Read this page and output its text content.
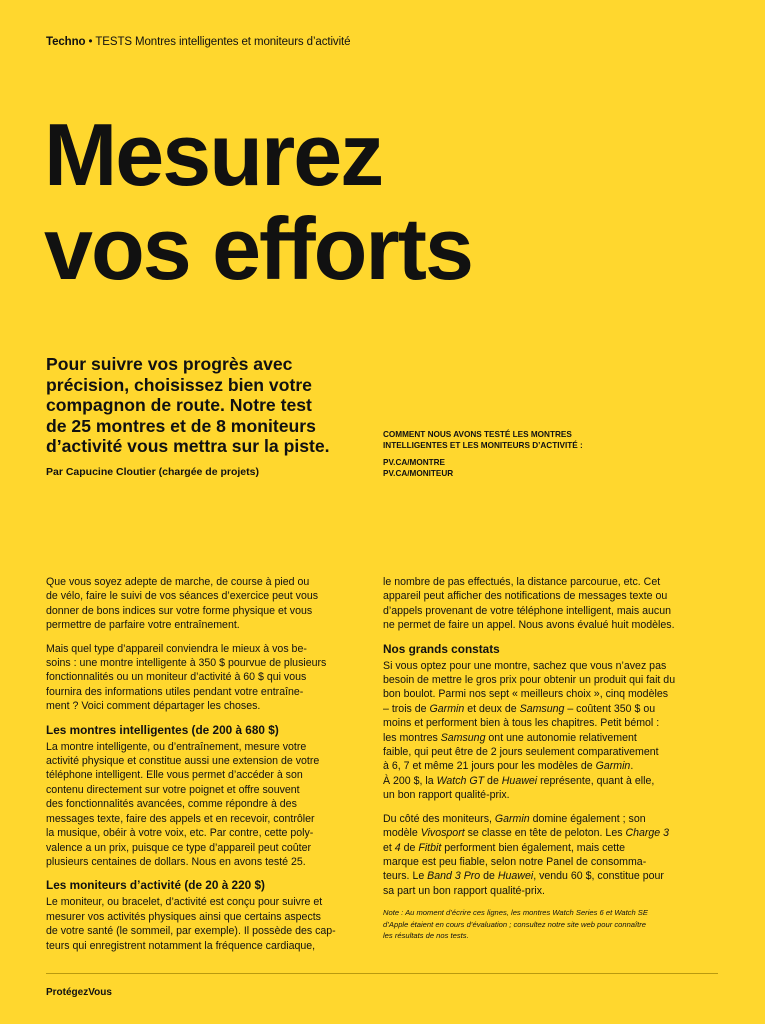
Techno • TESTS Montres intelligentes et moniteurs d’activité
Mesurez
vos efforts
Pour suivre vos progrès avec
précision, choisissez bien votre
compagnon de route. Notre test
de 25 montres et de 8 moniteurs
d’activité vous mettra sur la piste.
Par Capucine Cloutier (chargée de projets)
COMMENT NOUS AVONS TESTÉ LES MONTRES
INTELLIGENTES ET LES MONITEURS D’ACTIVITÉ :
PV.CA/MONTRE
PV.CA/MONITEUR

Que vous soyez adepte de marche, de course à pied ou
de vélo, faire le suivi de vos séances d’exercice peut vous
donner de bons indices sur votre forme physique et vous
permettre de parfaire votre entraînement.

Mais quel type d’appareil conviendra le mieux à vos be-
soins : une montre intelligente à 350 $ pourvue de plusieurs
fonctionnalités ou un moniteur d’activité à 60 $ qui vous
fournira des informations utiles pendant votre entraîne-
ment ? Voici comment départager les choses.

Les montres intelligentes (de 200 à 680 $)

La montre intelligente, ou d’entraînement, mesure votre
activité physique et constitue aussi une extension de votre
téléphone intelligent. Elle vous permet d’accéder à son
contenu directement sur votre poignet et offre souvent
des fonctionnalités avancées, comme répondre à des
messages texte, faire des appels et en recevoir, contrôler
la musique, obéir à votre voix, etc. Par contre, cette poly-
valence a un prix, puisque ce type d’appareil peut coûter
plusieurs centaines de dollars. Nous en avons testé 25.

Les moniteurs d’activité (de 20 à 220 $)

Le moniteur, ou bracelet, d’activité est conçu pour suivre et
mesurer vos activités physiques ainsi que certains aspects
de votre santé (le sommeil, par exemple). Il possède des cap-
teurs qui enregistrent notamment la fréquence cardiaque,

le nombre de pas effectués, la distance parcourue, etc. Cet
appareil peut afficher des notifications de messages texte ou
d’appels provenant de votre téléphone intelligent, mais aucun
ne permet de faire un appel. Nous avons évalué huit modèles.

Nos grands constats

Si vous optez pour une montre, sachez que vous n’avez pas
besoin de mettre le gros prix pour obtenir un produit qui fait du
bon boulot. Parmi nos sept « meilleurs choix », cinq modèles
– trois de Garmin et deux de Samsung – coûtent 350 $ ou
moins et performent bien à tous les chapitres. Petit bémol :
les montres Samsung ont une autonomie relativement
faible, qui peut être de 2 jours seulement comparativement
à 6, 7 et même 21 jours pour les modèles de Garmin.
À 200 $, la Watch GT de Huawei représente, quant à elle,
un bon rapport qualité-prix.

Du côté des moniteurs, Garmin domine également ; son
modèle Vivosport se classe en tête de peloton. Les Charge 3
et 4 de Fitbit performent bien également, mais cette
marque est peu fiable, selon notre Panel de consomma-
teurs. Le Band 3 Pro de Huawei, vendu 60 $, constitue pour
sa part un bon rapport qualité-prix.

Note : Au moment d’écrire ces lignes, les montres Watch Series 6 et Watch SE
d’Apple étaient en cours d’évaluation ; consultez notre site web pour connaître
les résultats de nos tests.
ProtégezVous
